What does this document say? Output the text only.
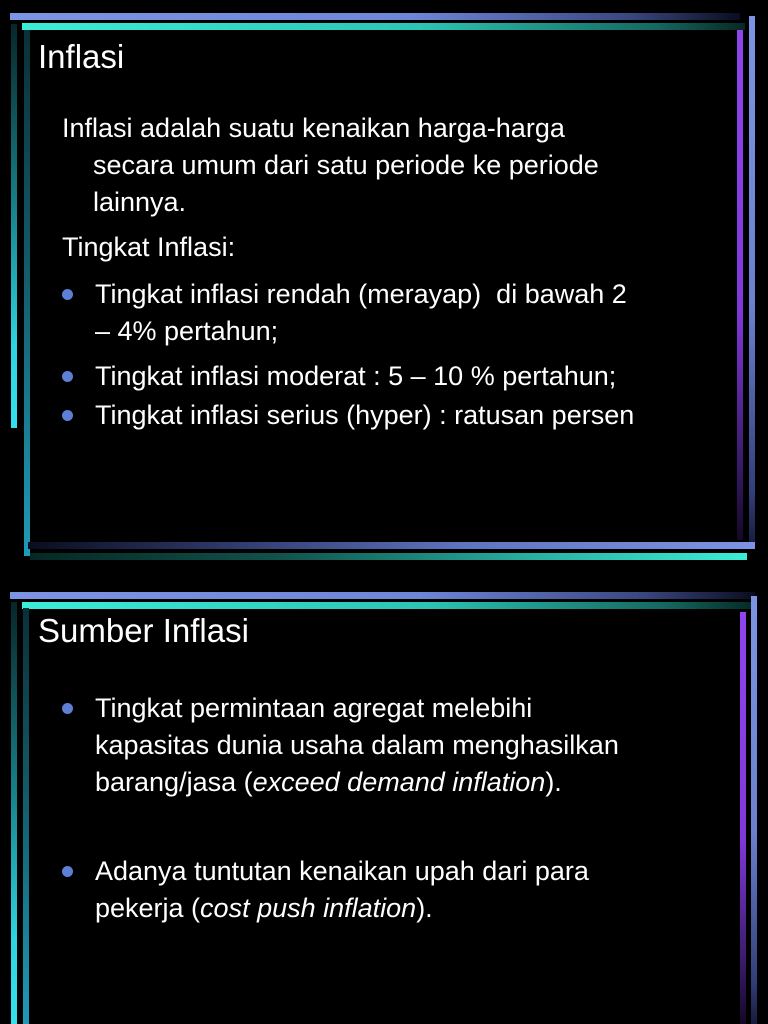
Inflasi
Inflasi adalah suatu kenaikan harga-harga
secara umum dari satu periode ke periode
lainnya.
Tingkat Inflasi:
Tingkat inflasi rendah (merayap)  di bawah 2
– 4% pertahun;
Tingkat inflasi moderat : 5 – 10 % pertahun;
Tingkat inflasi serius (hyper) : ratusan persen
Sumber Inflasi
Tingkat permintaan agregat melebihi
kapasitas dunia usaha dalam menghasilkan
barang/jasa (exceed demand inflation).
Adanya tuntutan kenaikan upah dari para
pekerja (cost push inflation).
